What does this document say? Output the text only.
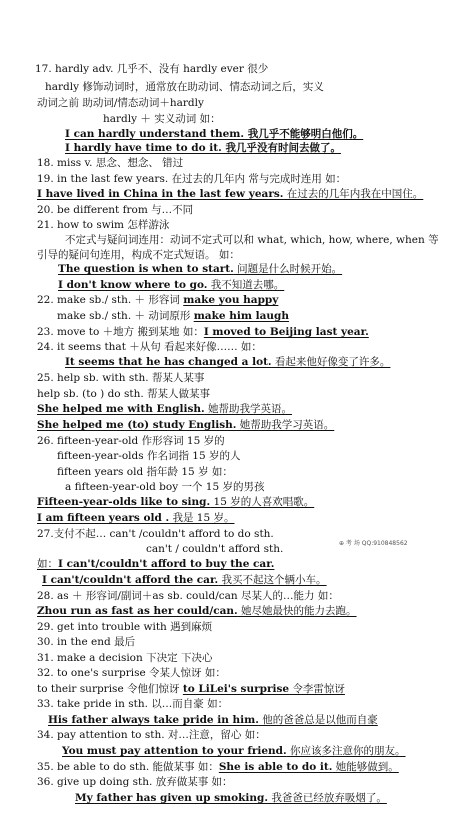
17. hardly adv. 几乎不、没有 hardly ever 很少
hardly 修饰动词时，通常放在助动词、情态动词之后，实义
动词之前 助动词/情态动词＋hardly
hardly ＋ 实义动词 如：
I can hardly understand them. 我几乎不能够明白他们。
I hardly have time to do it. 我几乎没有时间去做了。
18. miss v. 思念、想念、 错过
19. in the last few years. 在过去的几年内 常与完成时连用 如：
I have lived in China in the last few years. 在过去的几年内我在中国住。
20. be different from 与…不同
21. how to swim 怎样游泳
不定式与疑问词连用：动词不定式可以和 what, which, how, where, when 等
引导的疑问句连用，构成不定式短语。 如：
The question is when to start. 问题是什么时候开始。
I don't know where to go. 我不知道去哪。
22. make sb./ sth. ＋ 形容词 make you happy
make sb./ sth. ＋ 动词原形 make him laugh
23. move to ＋地方 搬到某地 如：I moved to Beijing last year.
24. it seems that ＋从句 看起来好像…… 如：
It seems that he has changed a lot. 看起来他好像变了许多。
25. help sb. with sth. 帮某人某事
help sb. (to ) do sth. 帮某人做某事
She helped me with English. 她帮助我学英语。
She helped me (to) study English. 她帮助我学习英语。
26. fifteen-year-old 作形容词 15 岁的
fifteen-year-olds 作名词指 15 岁的人
fifteen years old 指年龄 15 岁 如：
a fifteen-year-old boy 一个 15 岁的男孩
Fifteen-year-olds like to sing. 15 岁的人喜欢唱歌。
I am fifteen years old . 我是 15 岁。
27.支付不起… can't /couldn't afford to do sth.
can't / couldn't afford sth.
如：I can't/couldn't afford to buy the car.
I can't/couldn't afford the car. 我买不起这个辆小车。
28. as ＋ 形容词/副词＋as sb. could/can 尽某人的…能力 如：
Zhou run as fast as her could/can. 她尽她最快的能力去跑。
29. get into trouble with 遇到麻烦
30. in the end 最后
31. make a decision 下决定 下决心
32. to one's surprise 令某人惊讶 如：
to their surprise 令他们惊讶 to LiLei's surprise 令李雷惊讶
33. take pride in sth. 以…而自豪 如：
His father always take pride in him. 他的爸爸总是以他而自豪
34. pay attention to sth. 对…注意，留心 如：
You must pay attention to your friend. 你应该多注意你的朋友。
35. be able to do sth. 能做某事 如：She is able to do it. 她能够做到。
36. give up doing sth. 放弃做某事 如：
My father has given up smoking. 我爸爸已经放弃吸烟了。
⊕ 考 场 QQ:910848562
